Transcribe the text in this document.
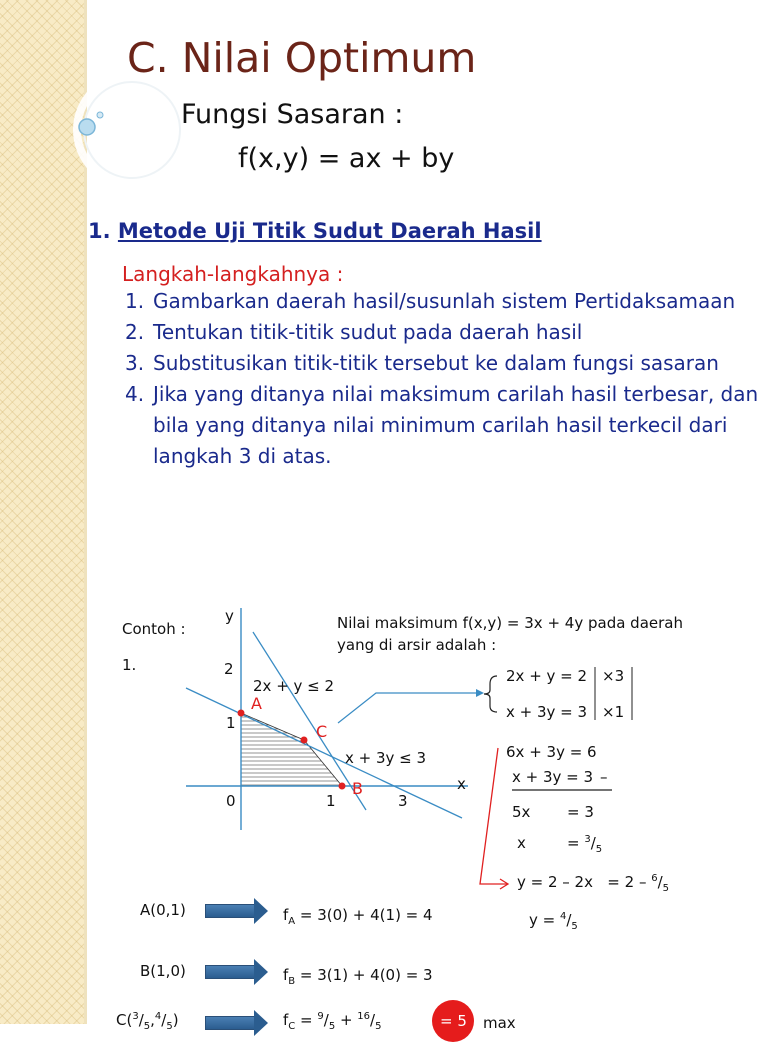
C. Nilai Optimum
Fungsi Sasaran :
f(x,y) = ax + by
1. Metode Uji Titik Sudut Daerah Hasil
Langkah-langkahnya :
1. Gambarkan daerah hasil/susunlah sistem Pertidaksamaan
2. Tentukan titik-titik sudut pada daerah hasil
3. Substitusikan titik-titik tersebut ke dalam fungsi sasaran
4. Jika yang ditanya nilai maksimum carilah hasil terbesar, dan
bila yang ditanya nilai minimum carilah hasil terkecil dari
langkah 3 di atas.
Contoh :
1.
Nilai maksimum f(x,y) = 3x + 4y pada daerah
yang di arsir adalah :
y
x
2
1
0	1	3
2x + y ≤ 2
x + 3y ≤ 3
A
B
C
2x + y = 2 ×3
x + 3y = 3 ×1
6x + 3y = 6
x + 3y = 3 –
5x = 3
x	= $^3/_5$
$y = 2 - 2x = 2 - ^6/_5$
$y = ^4/_5$
A(0,1)	$f_A = 3(0) + 4(1) = 4$
B(1,0)	$f_B = 3(1) + 4(0) = 3$
$C(^3/_5,^4/_5)$	$f_C = ^9/_5 + ^{16}/_5$	= 5 max
